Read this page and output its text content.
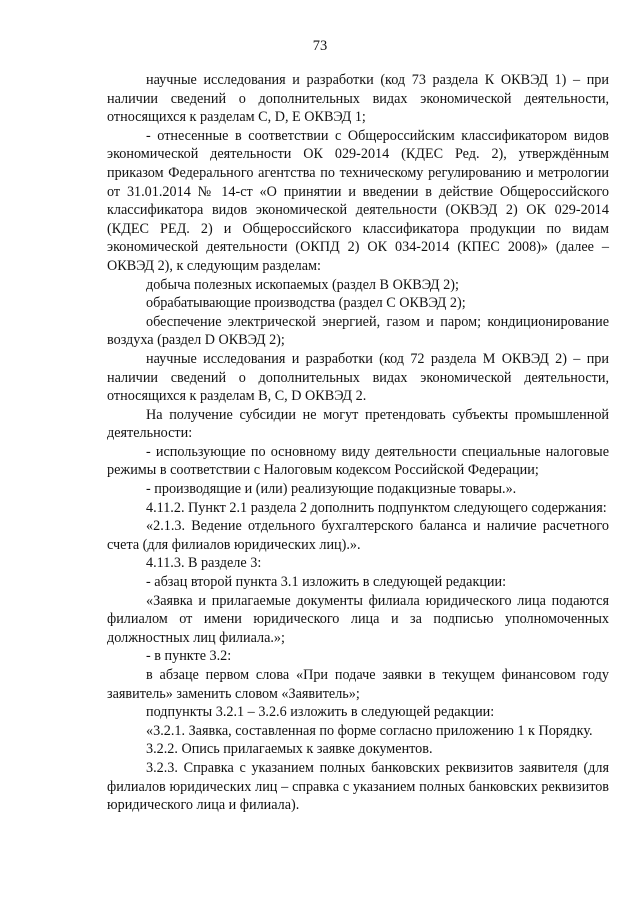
73

научные исследования и разработки (код 73 раздела К ОКВЭД 1) – при наличии сведений о дополнительных видах экономической деятельности, относящихся к разделам C, D, E ОКВЭД 1;

- отнесенные в соответствии с Общероссийским классификатором видов экономической деятельности ОК 029-2014 (КДЕС Ред. 2), утверждённым приказом Федерального агентства по техническому регулированию и метрологии от 31.01.2014 № 14-ст «О принятии и введении в действие Общероссийского классификатора видов экономической деятельности (ОКВЭД 2) ОК 029-2014 (КДЕС РЕД. 2) и Общероссийского классификатора продукции по видам экономической деятельности (ОКПД 2) ОК 034-2014 (КПЕС 2008)» (далее – ОКВЭД 2), к следующим разделам:

добыча полезных ископаемых (раздел B ОКВЭД 2);

обрабатывающие производства (раздел C ОКВЭД 2);

обеспечение электрической энергией, газом и паром; кондиционирование воздуха (раздел D ОКВЭД 2);

научные исследования и разработки (код 72 раздела M ОКВЭД 2) – при наличии сведений о дополнительных видах экономической деятельности, относящихся к разделам B, C, D ОКВЭД 2.

На получение субсидии не могут претендовать субъекты промышленной деятельности:

- использующие по основному виду деятельности специальные налоговые режимы в соответствии с Налоговым кодексом Российской Федерации;

- производящие и (или) реализующие подакцизные товары.».

4.11.2. Пункт 2.1 раздела 2 дополнить подпунктом следующего содержания:

«2.1.3. Ведение отдельного бухгалтерского баланса и наличие расчетного счета (для филиалов юридических лиц).».

4.11.3. В разделе 3:

- абзац второй пункта 3.1 изложить в следующей редакции:

«Заявка и прилагаемые документы филиала юридического лица подаются филиалом от имени юридического лица и за подписью уполномоченных должностных лиц филиала.»;

- в пункте 3.2:

в абзаце первом слова «При подаче заявки в текущем финансовом году заявитель» заменить словом «Заявитель»;

подпункты 3.2.1 – 3.2.6 изложить в следующей редакции:

«3.2.1. Заявка, составленная по форме согласно приложению 1 к Порядку.

3.2.2. Опись прилагаемых к заявке документов.

3.2.3. Справка с указанием полных банковских реквизитов заявителя (для филиалов юридических лиц – справка с указанием полных банковских реквизитов юридического лица и филиала).
